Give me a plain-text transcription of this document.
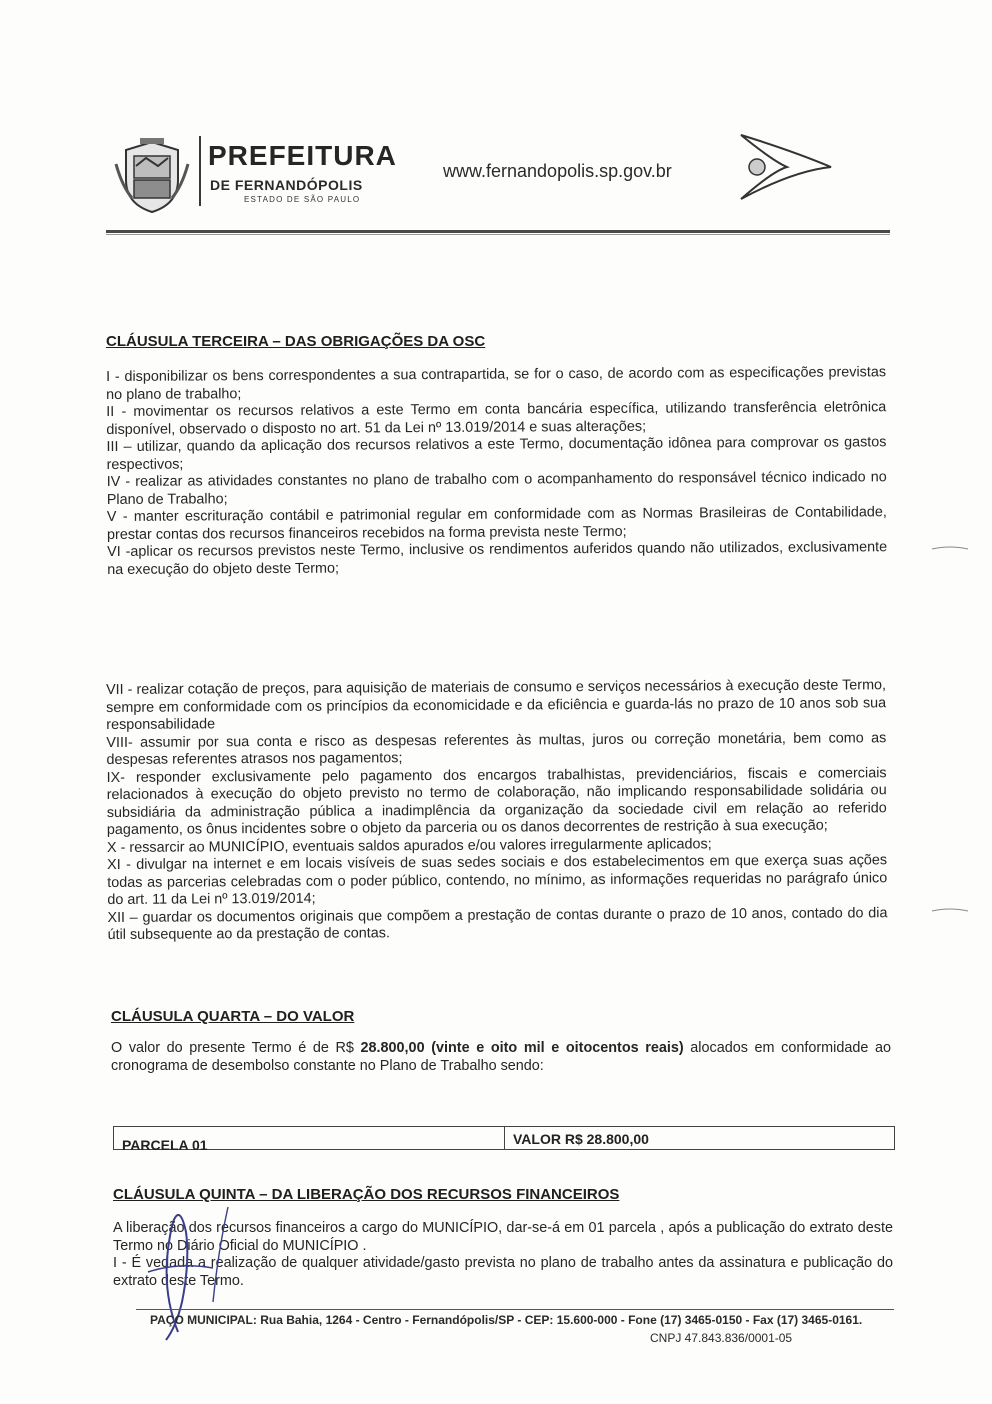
PREFEITURA
DE FERNANDÓPOLIS
ESTADO DE SÃO PAULO
www.fernandopolis.sp.gov.br
CLÁUSULA TERCEIRA – DAS OBRIGAÇÕES DA OSC

I - disponibilizar os bens correspondentes a sua contrapartida, se for o caso, de acordo com as especificações previstas no plano de trabalho;

II - movimentar os recursos relativos a este Termo em conta bancária específica, utilizando transferência eletrônica disponível, observado o disposto no art. 51 da Lei nº 13.019/2014 e suas alterações;

III – utilizar, quando da aplicação dos recursos relativos a este Termo, documentação idônea para comprovar os gastos respectivos;

IV - realizar as atividades constantes no plano de trabalho com o acompanhamento do responsável técnico indicado no Plano de Trabalho;

V - manter escrituração contábil e patrimonial regular em conformidade com as Normas Brasileiras de Contabilidade, prestar contas dos recursos financeiros recebidos na forma prevista neste Termo;

VI -aplicar os recursos previstos neste Termo, inclusive os rendimentos auferidos quando não utilizados, exclusivamente na execução do objeto deste Termo;

VII - realizar cotação de preços, para aquisição de materiais de consumo e serviços necessários à execução deste Termo, sempre em conformidade com os princípios da economicidade e da eficiência e guarda-lás no prazo de 10 anos sob sua responsabilidade

VIII- assumir por sua conta e risco as despesas referentes às multas, juros ou correção monetária, bem como as despesas referentes atrasos nos pagamentos;

IX- responder exclusivamente pelo pagamento dos encargos trabalhistas, previdenciários, fiscais e comerciais relacionados à execução do objeto previsto no termo de colaboração, não implicando responsabilidade solidária ou subsidiária da administração pública a inadimplência da organização da sociedade civil em relação ao referido pagamento, os ônus incidentes sobre o objeto da parceria ou os danos decorrentes de restrição à sua execução;

X - ressarcir ao MUNICÍPIO, eventuais saldos apurados e/ou valores irregularmente aplicados;

XI - divulgar na internet e em locais visíveis de suas sedes sociais e dos estabelecimentos em que exerça suas ações todas as parcerias celebradas com o poder público, contendo, no mínimo, as informações requeridas no parágrafo único do art. 11 da Lei nº 13.019/2014;

XII – guardar os documentos originais que compõem a prestação de contas durante o prazo de 10 anos, contado do dia útil subsequente ao da prestação de contas.

CLÁUSULA QUARTA – DO VALOR

O valor do presente Termo é de R$ 28.800,00 (vinte e oito mil e oitocentos reais) alocados em conformidade ao cronograma de desembolso constante no Plano de Trabalho sendo:

PARCELA 01	VALOR R$ 28.800,00
CLÁUSULA QUINTA – DA LIBERAÇÃO DOS RECURSOS FINANCEIROS

A liberação dos recursos financeiros a cargo do MUNICÍPIO, dar-se-á em 01 parcela , após a publicação do extrato deste Termo no Diário Oficial do MUNICÍPIO .

I - É vedada a realização de qualquer atividade/gasto prevista no plano de trabalho antes da assinatura e publicação do extrato deste Termo.

PAÇO MUNICIPAL: Rua Bahia, 1264 - Centro - Fernandópolis/SP - CEP: 15.600-000 - Fone (17) 3465-0150 - Fax (17) 3465-0161.
CNPJ 47.843.836/0001-05
